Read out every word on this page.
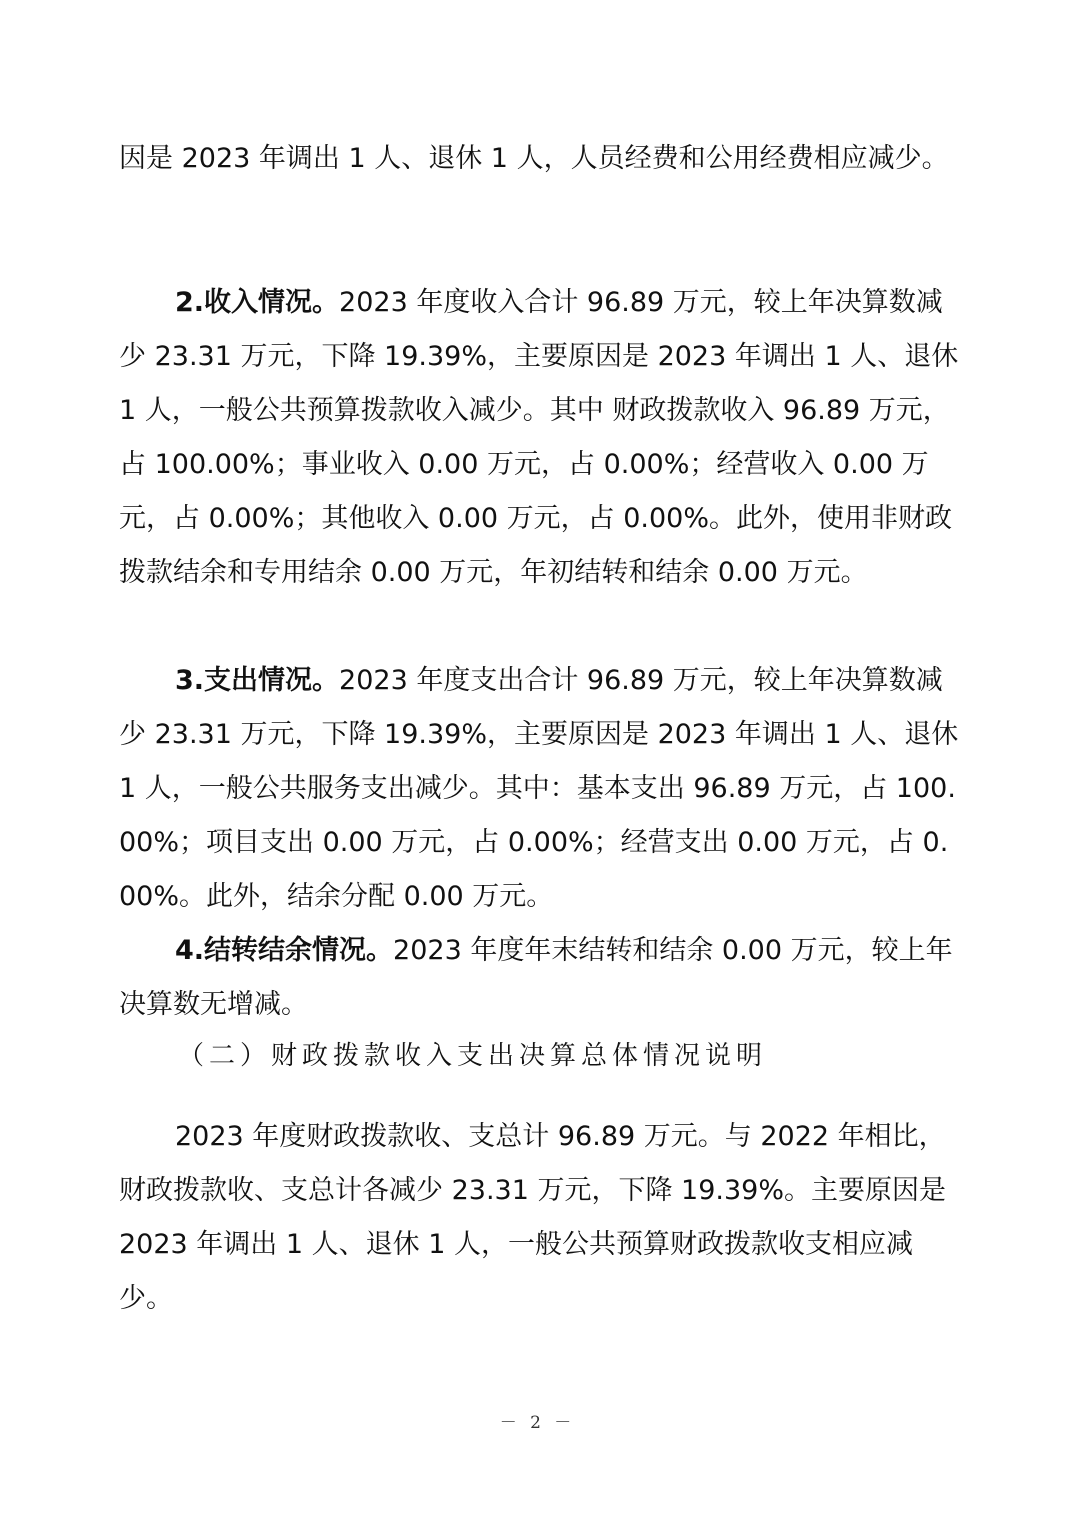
因是 2023 年调出 1 人、退休 1 人，人员经费和公用经费相应减少。

2.收入情况。2023 年度收入合计 96.89 万元，较上年决算数减少 23.31 万元，下降 19.39%，主要原因是 2023 年调出 1 人、退休 1 人，一般公共预算拨款收入减少。其中 财政拨款收入 96.89 万元，占 100.00%；事业收入 0.00 万元，占 0.00%；经营收入 0.00 万元，占 0.00%；其他收入 0.00 万元，占 0.00%。此外，使用非财政拨款结余和专用结余 0.00 万元，年初结转和结余 0.00 万元。

3.支出情况。2023 年度支出合计 96.89 万元，较上年决算数减少 23.31 万元，下降 19.39%，主要原因是 2023 年调出 1 人、退休 1 人，一般公共服务支出减少。其中：基本支出 96.89 万元，占 100.00%；项目支出 0.00 万元，占 0.00%；经营支出 0.00 万元，占 0.00%。此外，结余分配 0.00 万元。

4.结转结余情况。2023 年度年末结转和结余 0.00 万元，较上年决算数无增减。

（二）财政拨款收入支出决算总体情况说明

2023 年度财政拨款收、支总计 96.89 万元。与 2022 年相比，财政拨款收、支总计各减少 23.31 万元，下降 19.39%。主要原因是 2023 年调出 1 人、退休 1 人，一般公共预算财政拨款收支相应减少。

－ 2 －
